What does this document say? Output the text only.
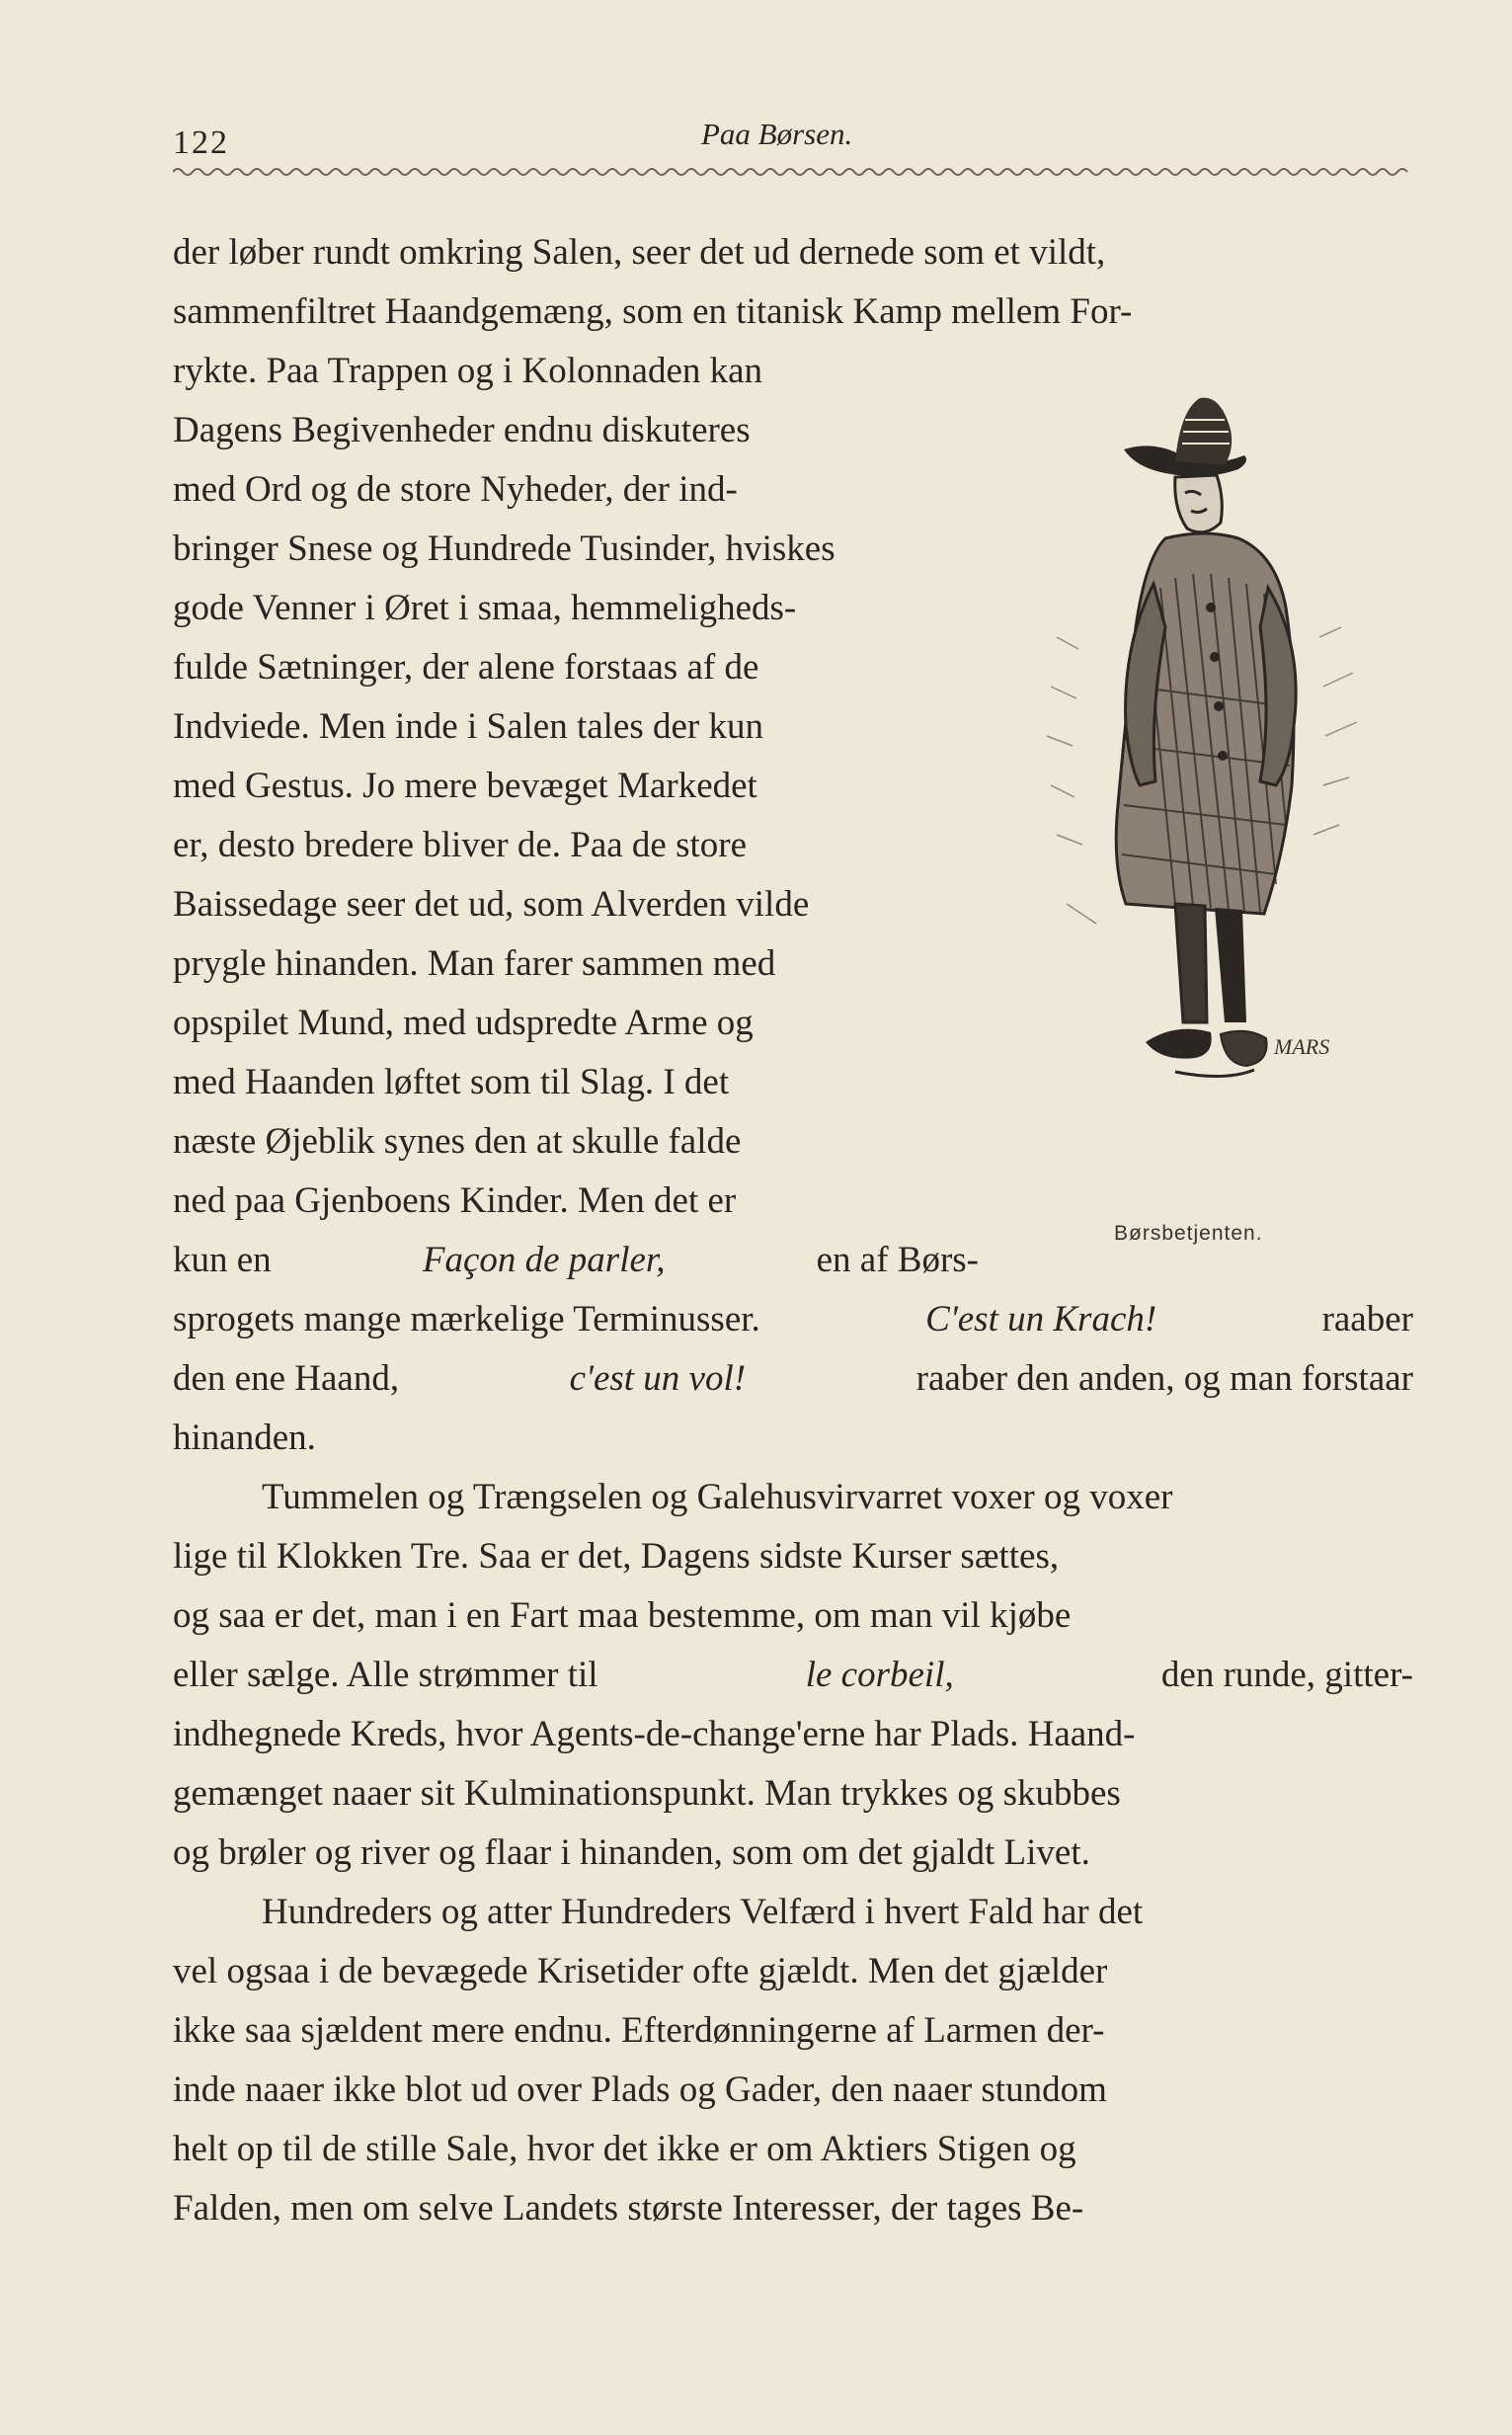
122	Paa Børsen.
der løber rundt omkring Salen, seer det ud dernede som et vildt,
sammenfiltret Haandgemæng, som en titanisk Kamp mellem For-
rykte. Paa Trappen og i Kolonnaden kan
Dagens Begivenheder endnu diskuteres
med Ord og de store Nyheder, der ind-
bringer Snese og Hundrede Tusinder, hviskes
gode Venner i Øret i smaa, hemmeligheds-
fulde Sætninger, der alene forstaas af de
Indviede. Men inde i Salen tales der kun
med Gestus. Jo mere bevæget Markedet
er, desto bredere bliver de. Paa de store
Baissedage seer det ud, som Alverden vilde
prygle hinanden. Man farer sammen med
opspilet Mund, med udspredte Arme og
med Haanden løftet som til Slag. I det
næste Øjeblik synes den at skulle falde
ned paa Gjenboens Kinder. Men det er
kun en	Façon de parler,	en af Børs-
sprogets mange mærkelige Terminusser.	C'est un Krach!	raaber
den ene Haand,	c'est un vol!	raaber den anden, og man forstaar
hinanden.
Tummelen og Trængselen og Galehusvirvarret voxer og voxer
lige til Klokken Tre. Saa er det, Dagens sidste Kurser sættes,
og saa er det, man i en Fart maa bestemme, om man vil kjøbe
eller sælge. Alle strømmer til	le corbeil,	den runde, gitter-
indhegnede Kreds, hvor Agents-de-change'erne har Plads. Haand-
gemænget naaer sit Kulminationspunkt. Man trykkes og skubbes
og brøler og river og flaar i hinanden, som om det gjaldt Livet.
Hundreders og atter Hundreders Velfærd i hvert Fald har det
vel ogsaa i de bevægede Krisetider ofte gjældt. Men det gjælder
ikke saa sjældent mere endnu. Efterdønningerne af Larmen der-
inde naaer ikke blot ud over Plads og Gader, den naaer stundom
helt op til de stille Sale, hvor det ikke er om Aktiers Stigen og
Falden, men om selve Landets største Interesser, der tages Be-
MARS
Børsbetjenten.
